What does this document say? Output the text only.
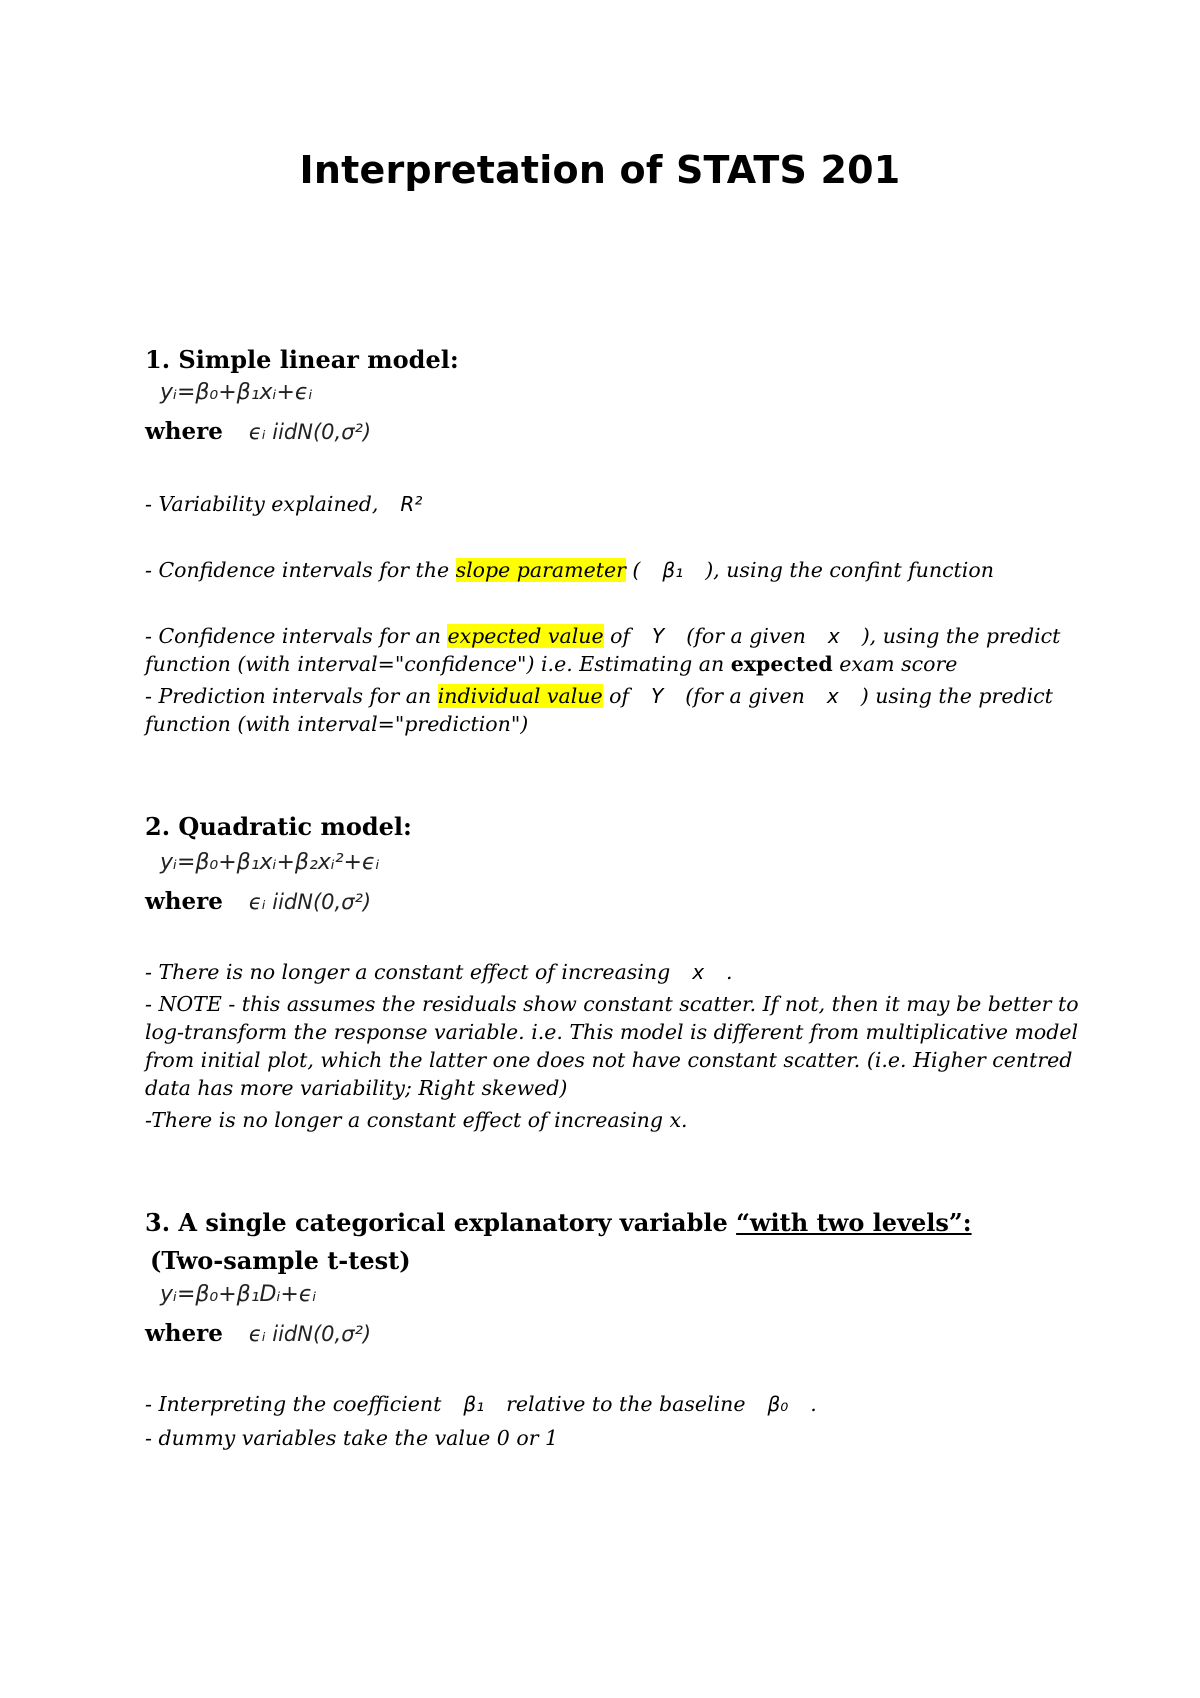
Interpretation of STATS 201
1. Simple linear model:
yᵢ=β₀+β₁xᵢ+ϵᵢ
where ϵᵢ iidN(0,σ²)
- Variability explained, R²
- Confidence intervals for the slope parameter ( β₁ ), using the confint function
- Confidence intervals for an expected value of Y (for a given x ), using the predict
function (with interval="confidence") i.e. Estimating an expected exam score
- Prediction intervals for an individual value of Y (for a given x ) using the predict
function (with interval="prediction")
2. Quadratic model:
yᵢ=β₀+β₁xᵢ+β₂xᵢ²+ϵᵢ
where ϵᵢ iidN(0,σ²)
- There is no longer a constant effect of increasing x .
- NOTE - this assumes the residuals show constant scatter. If not, then it may be better to
log-transform the response variable. i.e. This model is different from multiplicative model
from initial plot, which the latter one does not have constant scatter. (i.e. Higher centred
data has more variability; Right skewed)
-There is no longer a constant effect of increasing x.
3. A single categorical explanatory variable “with two levels”:
(Two-sample t-test)
yᵢ=β₀+β₁Dᵢ+ϵᵢ
where ϵᵢ iidN(0,σ²)
- Interpreting the coefficient β₁ relative to the baseline β₀ .
- dummy variables take the value 0 or 1
